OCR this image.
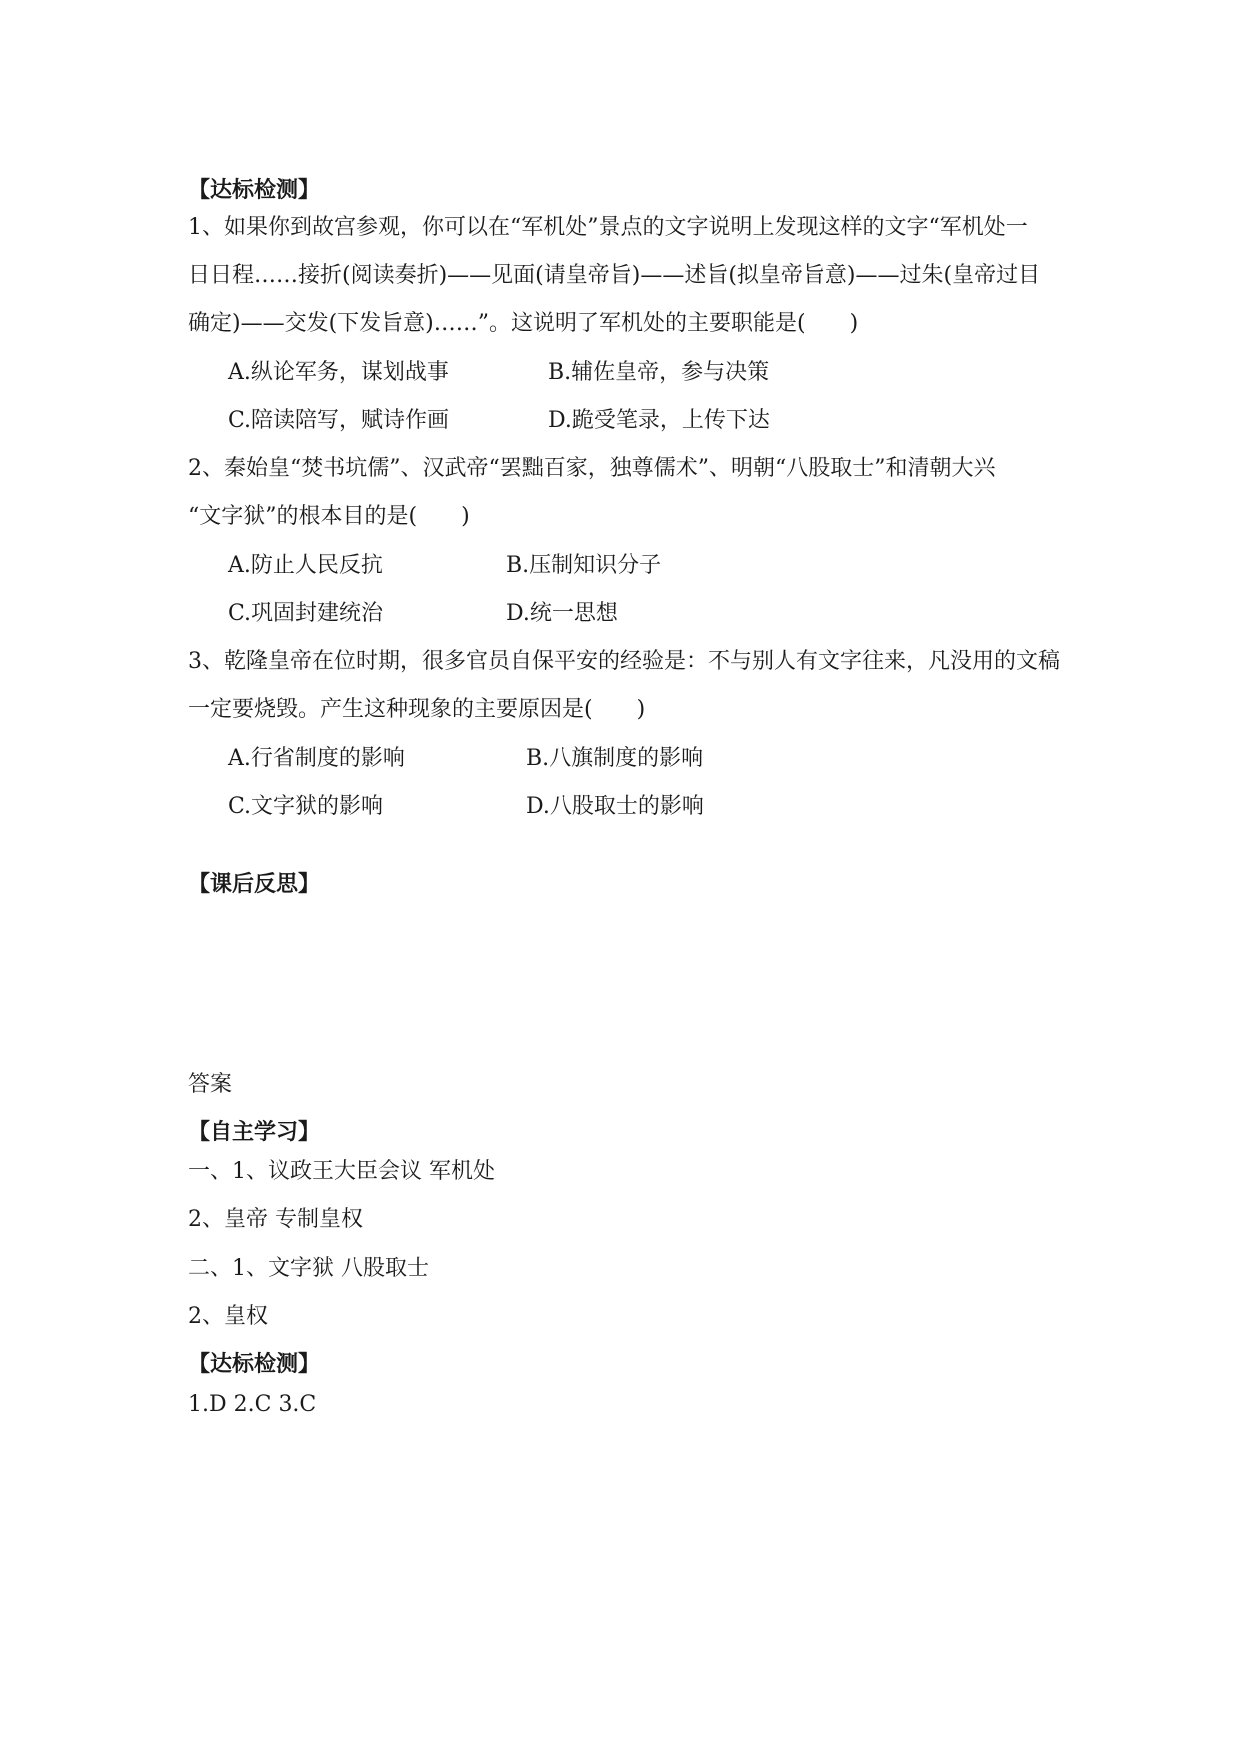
【达标检测】
1、如果你到故宫参观，你可以在“军机处”景点的文字说明上发现这样的文字“军机处一
日日程……接折(阅读奏折)——见面(请皇帝旨)——述旨(拟皇帝旨意)——过朱(皇帝过目
确定)——交发(下发旨意)……”。这说明了军机处的主要职能是(　　)
A.纵论军务，谋划战事	B.辅佐皇帝，参与决策
C.陪读陪写，赋诗作画	D.跪受笔录，上传下达
2、秦始皇“焚书坑儒”、汉武帝“罢黜百家，独尊儒术”、明朝“八股取士”和清朝大兴
“文字狱”的根本目的是(　　)
A.防止人民反抗	B.压制知识分子
C.巩固封建统治	D.统一思想
3、乾隆皇帝在位时期，很多官员自保平安的经验是：不与别人有文字往来，凡没用的文稿
一定要烧毁。产生这种现象的主要原因是(　　)
A.行省制度的影响	B.八旗制度的影响
C.文字狱的影响	D.八股取士的影响
【课后反思】
答案
【自主学习】
一、1、议政王大臣会议 军机处
2、皇帝 专制皇权
二、1、文字狱 八股取士
2、皇权
【达标检测】
1.D 2.C 3.C
